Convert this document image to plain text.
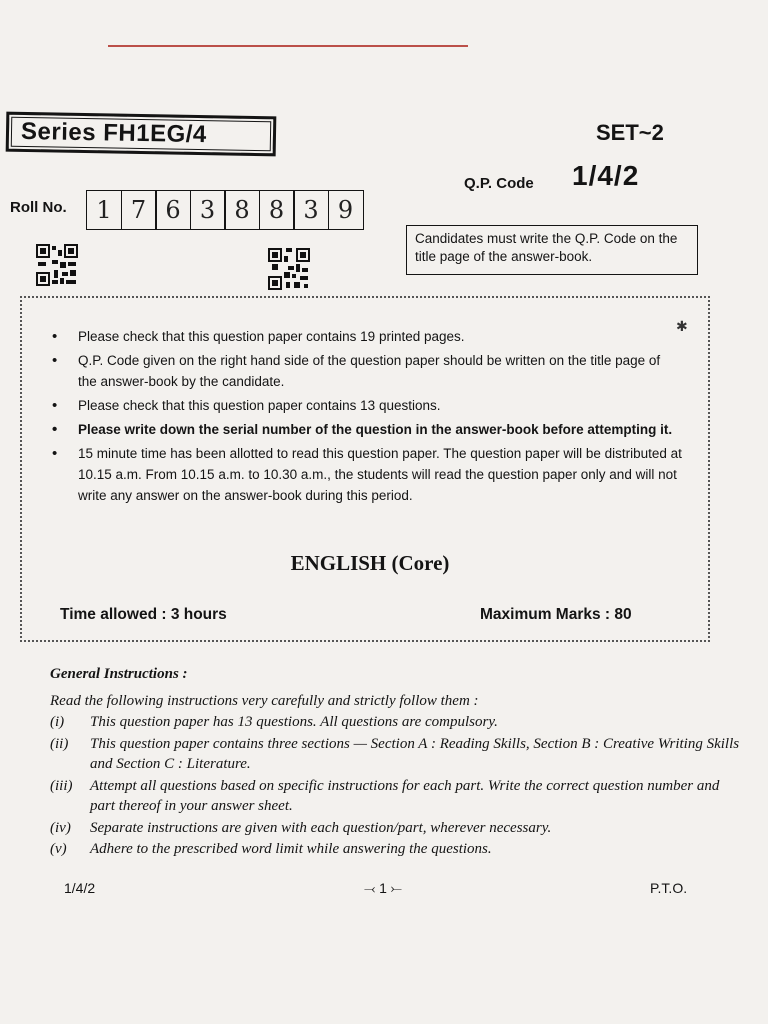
Series FH1EG/4	SET~2
Q.P. Code 1/4/2
Roll No.	1 7 6 3 8 8 3 9
Candidates must write the Q.P. Code on the title page of the answer-book.
✱
• Please check that this question paper contains 19 printed pages.
• Q.P. Code given on the right hand side of the question paper should be written on the title page of the answer-book by the candidate.
• Please check that this question paper contains 13 questions.
• Please write down the serial number of the question in the answer-book before attempting it.
• 15 minute time has been allotted to read this question paper. The question paper will be distributed at 10.15 a.m. From 10.15 a.m. to 10.30 a.m., the students will read the question paper only and will not write any answer on the answer-book during this period.
ENGLISH (Core)
Time allowed : 3 hours	Maximum Marks : 80
General Instructions :
Read the following instructions very carefully and strictly follow them :
(i)	This question paper has 13 questions. All questions are compulsory.
(ii)	This question paper contains three sections — Section A : Reading Skills, Section B : Creative Writing Skills and Section C : Literature.
(iii)	Attempt all questions based on specific instructions for each part. Write the correct question number and part thereof in your answer sheet.
(iv)	Separate instructions are given with each question/part, wherever necessary.
(v)	Adhere to the prescribed word limit while answering the questions.
1/4/2	⤙ 1 ⤚	P.T.O.
